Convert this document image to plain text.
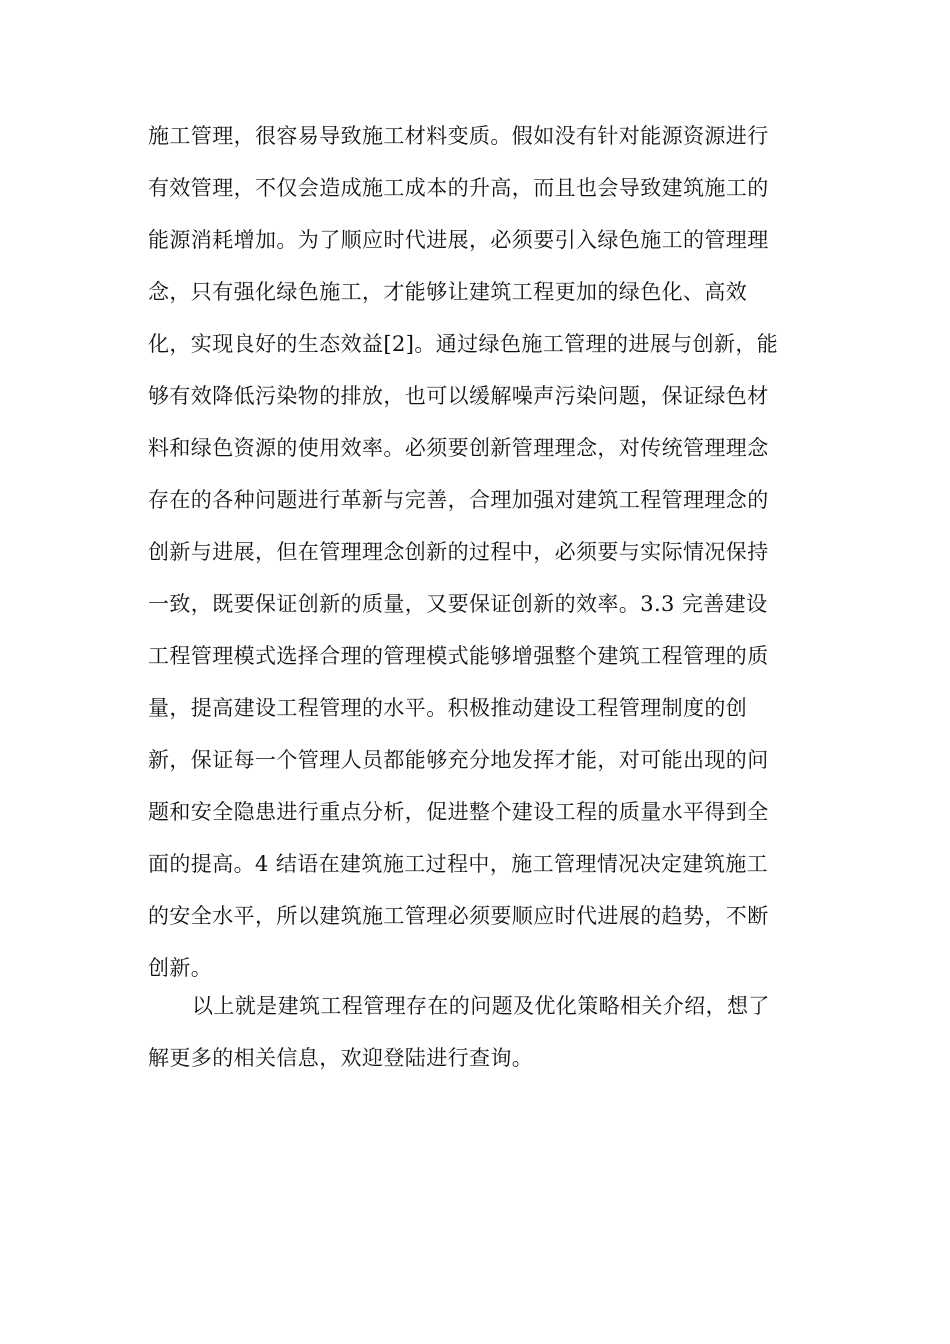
施工管理，很容易导致施工材料变质。假如没有针对能源资源进行
有效管理，不仅会造成施工成本的升高，而且也会导致建筑施工的
能源消耗增加。为了顺应时代进展，必须要引入绿色施工的管理理
念，只有强化绿色施工，才能够让建筑工程更加的绿色化、高效
化，实现良好的生态效益[2]。通过绿色施工管理的进展与创新，能
够有效降低污染物的排放，也可以缓解噪声污染问题，保证绿色材
料和绿色资源的使用效率。必须要创新管理理念，对传统管理理念
存在的各种问题进行革新与完善，合理加强对建筑工程管理理念的
创新与进展，但在管理理念创新的过程中，必须要与实际情况保持
一致，既要保证创新的质量，又要保证创新的效率。3.3 完善建设
工程管理模式选择合理的管理模式能够增强整个建筑工程管理的质
量，提高建设工程管理的水平。积极推动建设工程管理制度的创
新，保证每一个管理人员都能够充分地发挥才能，对可能出现的问
题和安全隐患进行重点分析，促进整个建设工程的质量水平得到全
面的提高。4 结语在建筑施工过程中，施工管理情况决定建筑施工
的安全水平，所以建筑施工管理必须要顺应时代进展的趋势，不断
创新。
以上就是建筑工程管理存在的问题及优化策略相关介绍，想了
解更多的相关信息，欢迎登陆进行查询。
